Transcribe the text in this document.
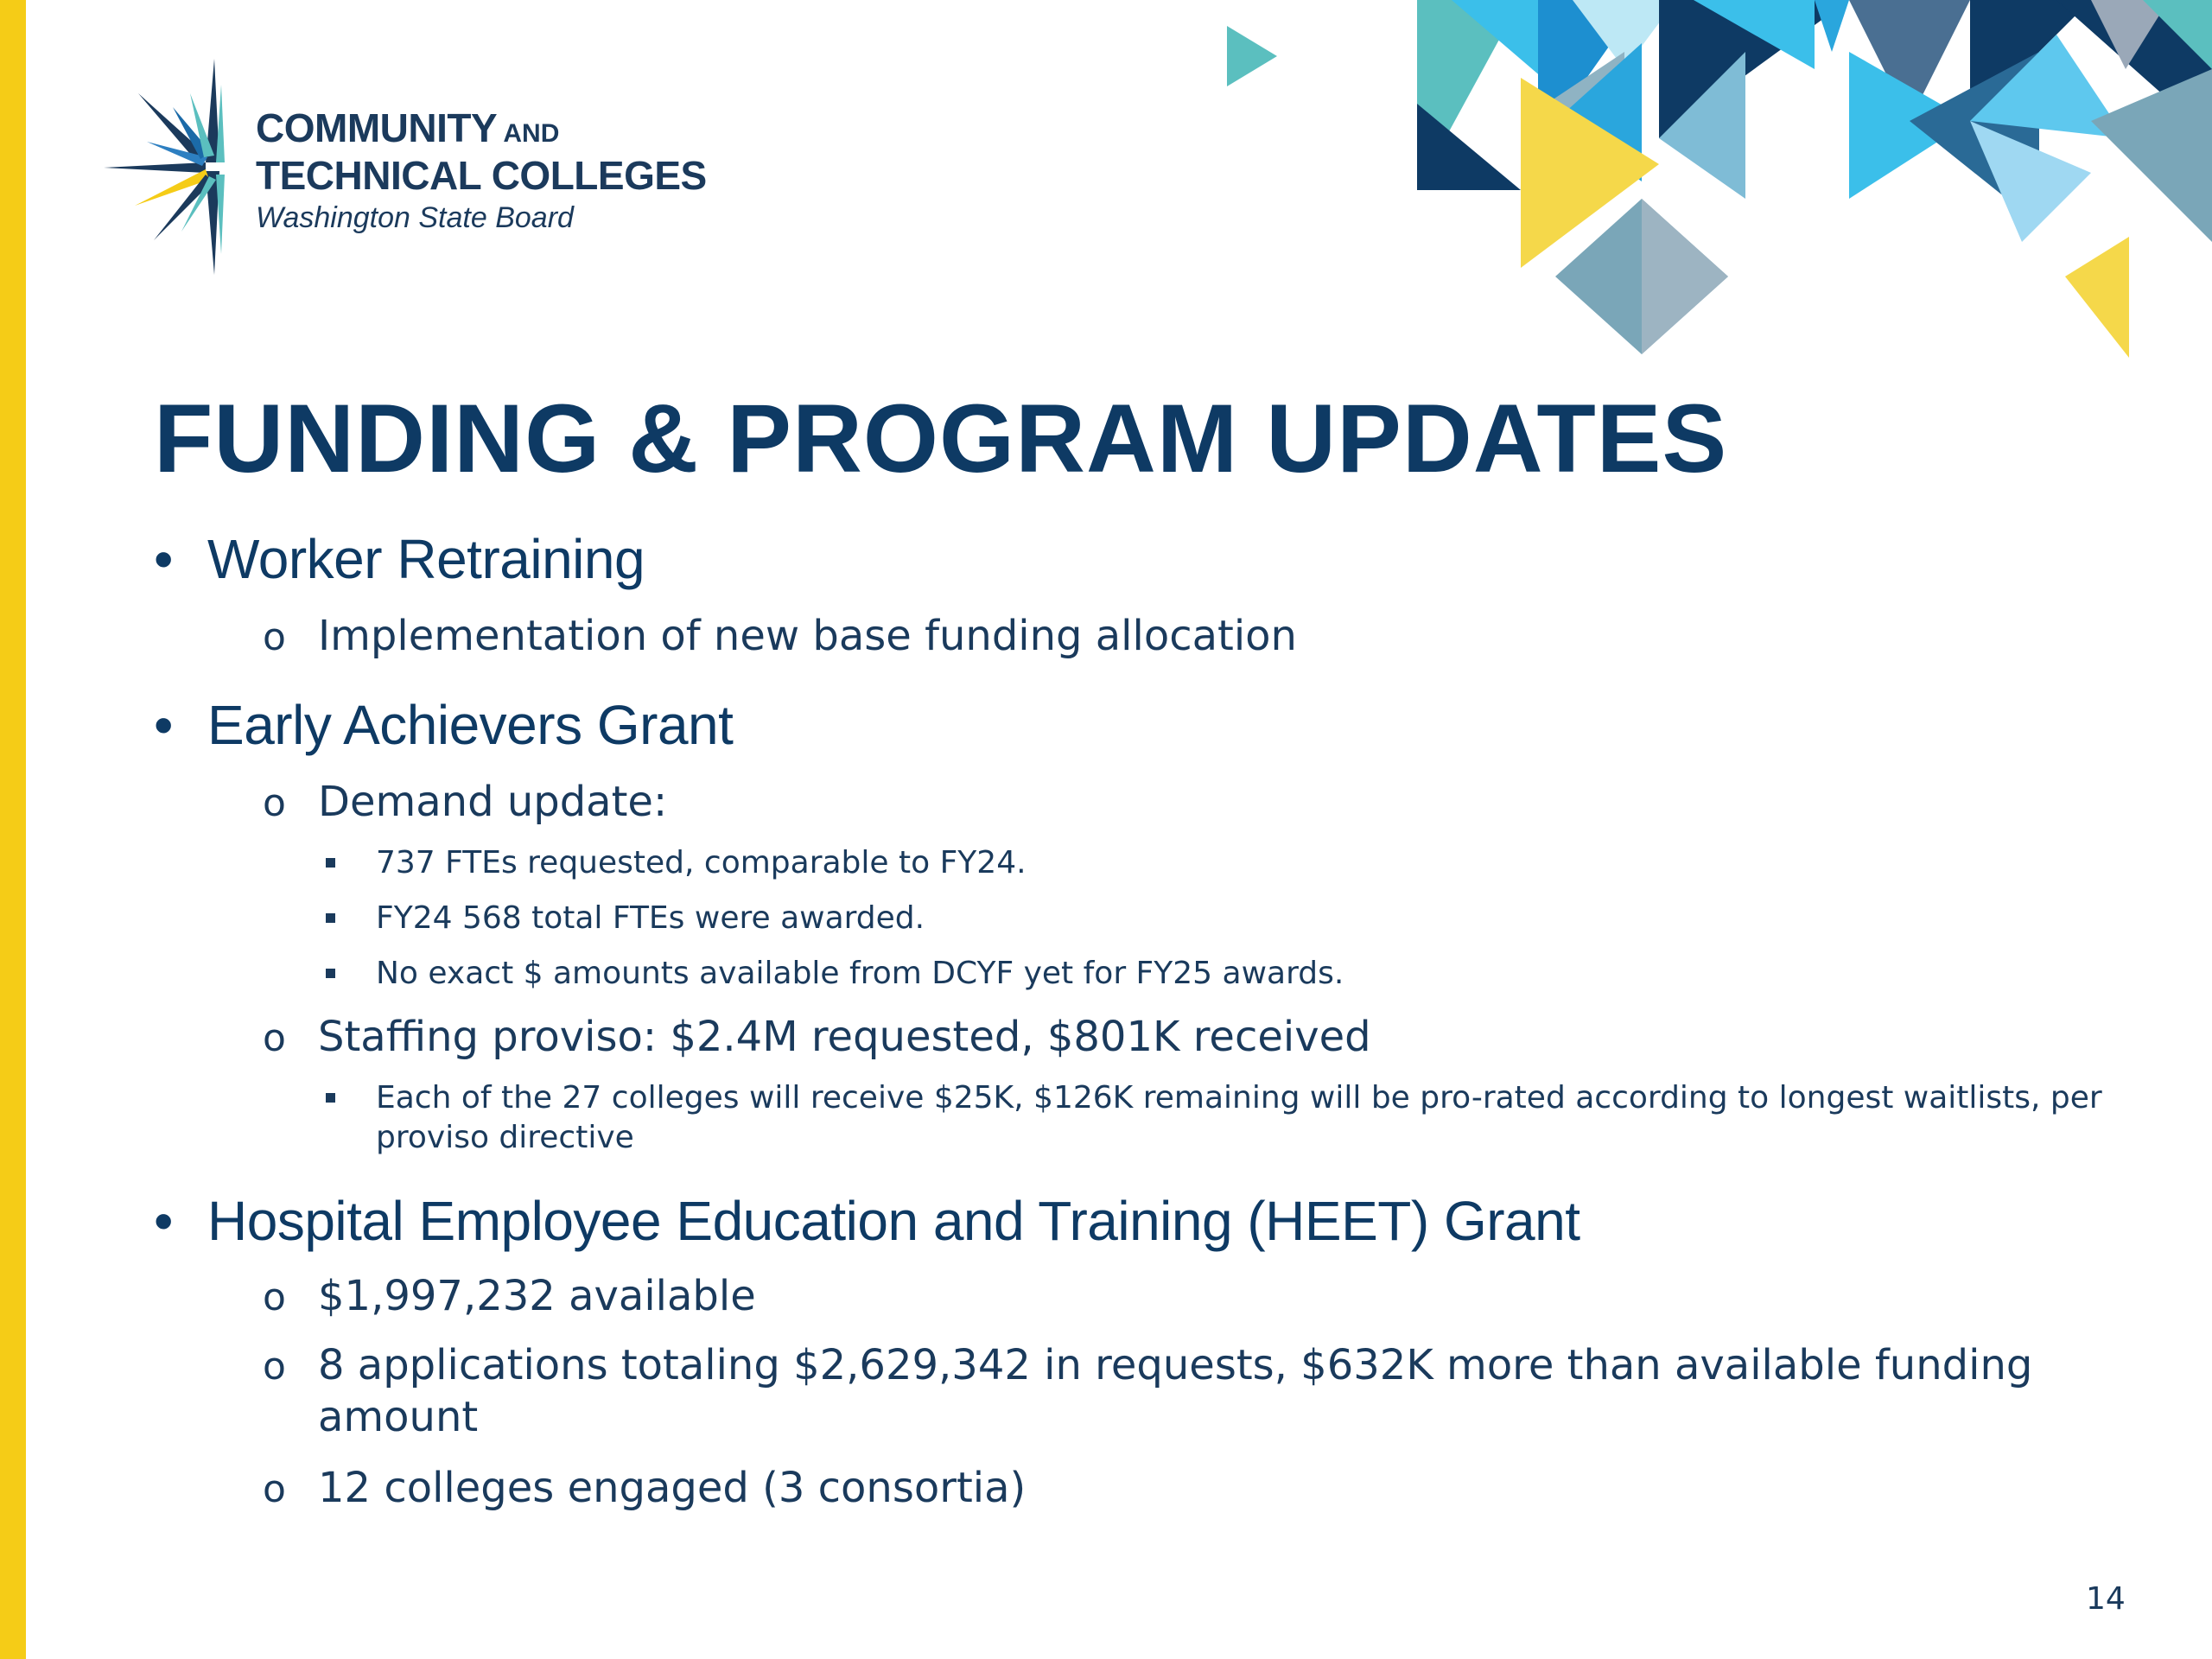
COMMUNITY AND
TECHNICAL COLLEGES
Washington State Board
FUNDING & PROGRAM UPDATES
• Worker Retraining
o Implementation of new base funding allocation
• Early Achievers Grant
o Demand update:
737 FTEs requested, comparable to FY24.
FY24 568 total FTEs were awarded.
No exact $ amounts available from DCYF yet for FY25 awards.
o Staffing proviso: $2.4M requested, $801K received
Each of the 27 colleges will receive $25K, $126K remaining will be pro-rated according to longest waitlists, per proviso directive
• Hospital Employee Education and Training (HEET) Grant
o $1,997,232 available
o 8 applications totaling $2,629,342 in requests, $632K more than available funding amount
o 12 colleges engaged (3 consortia)
14
